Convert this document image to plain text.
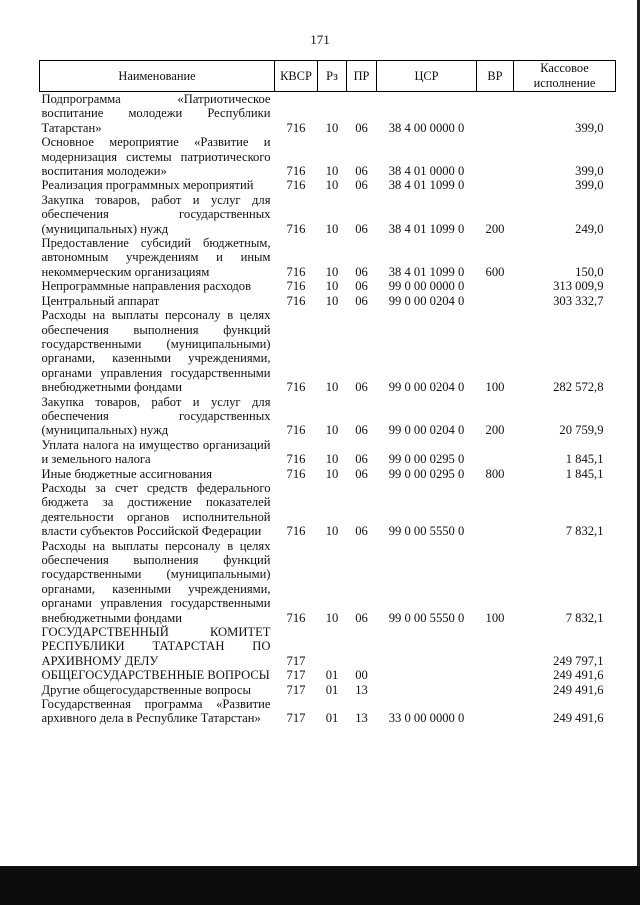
171
Наименование	КВСР	Рз	ПР	ЦСР	ВР	Кассовое исполнение
Подпрограмма «Патриотическое воспитание молодежи Республики Татарстан»	716	10	06	38 4 00 0000 0		399,0
Основное мероприятие «Развитие и модернизация системы патриотического воспитания молодежи»	716	10	06	38 4 01 0000 0		399,0
Реализация программных мероприятий	716	10	06	38 4 01 1099 0		399,0
Закупка товаров, работ и услуг для обеспечения государственных (муниципальных) нужд	716	10	06	38 4 01 1099 0	200	249,0
Предоставление субсидий бюджетным, автономным учреждениям и иным некоммерческим организациям	716	10	06	38 4 01 1099 0	600	150,0
Непрограммные направления расходов	716	10	06	99 0 00 0000 0		313 009,9
Центральный аппарат	716	10	06	99 0 00 0204 0		303 332,7
Расходы на выплаты персоналу в целях обеспечения выполнения функций государственными (муниципальными) органами, казенными учреждениями, органами управления государственными внебюджетными фондами	716	10	06	99 0 00 0204 0	100	282 572,8
Закупка товаров, работ и услуг для обеспечения государственных (муниципальных) нужд	716	10	06	99 0 00 0204 0	200	20 759,9
Уплата налога на имущество организаций и земельного налога	716	10	06	99 0 00 0295 0		1 845,1
Иные бюджетные ассигнования	716	10	06	99 0 00 0295 0	800	1 845,1
Расходы за счет средств федерального бюджета за достижение показателей деятельности органов исполнительной власти субъектов Российской Федерации	716	10	06	99 0 00 5550 0		7 832,1
Расходы на выплаты персоналу в целях обеспечения выполнения функций государственными (муниципальными) органами, казенными учреждениями, органами управления государственными внебюджетными фондами	716	10	06	99 0 00 5550 0	100	7 832,1
ГОСУДАРСТВЕННЫЙ КОМИТЕТ РЕСПУБЛИКИ ТАТАРСТАН ПО АРХИВНОМУ ДЕЛУ	717					249 797,1
ОБЩЕГОСУДАРСТВЕННЫЕ ВОПРОСЫ	717	01	00			249 491,6
Другие общегосударственные вопросы	717	01	13			249 491,6
Государственная программа «Развитие архивного дела в Республике Татарстан»	717	01	13	33 0 00 0000 0		249 491,6
